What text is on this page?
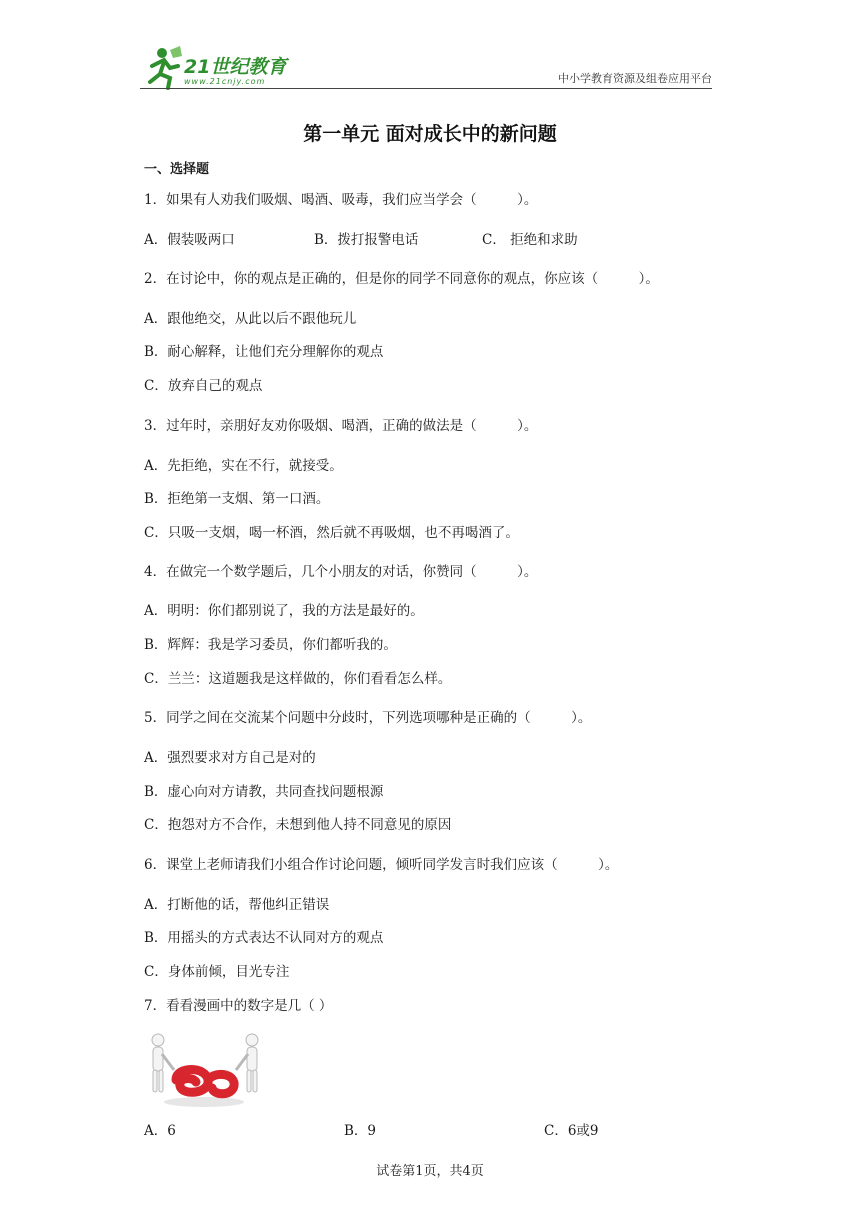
21世纪教育
www.21cnjy.com	中小学教育资源及组卷应用平台
第一单元 面对成长中的新问题
一、选择题
1．如果有人劝我们吸烟、喝酒、吸毒，我们应当学会（　　　）。
A．假装吸两口	B．拨打报警电话	C． 拒绝和求助
2．在讨论中，你的观点是正确的，但是你的同学不同意你的观点，你应该（　　　）。
A．跟他绝交，从此以后不跟他玩儿
B．耐心解释，让他们充分理解你的观点
C．放弃自己的观点
3．过年时，亲朋好友劝你吸烟、喝酒，正确的做法是（　　　）。
A．先拒绝，实在不行，就接受。
B．拒绝第一支烟、第一口酒。
C．只吸一支烟，喝一杯酒，然后就不再吸烟，也不再喝酒了。
4．在做完一个数学题后，几个小朋友的对话，你赞同（　　　）。
A．明明：你们都别说了，我的方法是最好的。
B．辉辉：我是学习委员，你们都听我的。
C．兰兰：这道题我是这样做的，你们看看怎么样。
5．同学之间在交流某个问题中分歧时，下列选项哪种是正确的（　　　）。
A．强烈要求对方自己是对的
B．虚心向对方请教，共同查找问题根源
C．抱怨对方不合作，未想到他人持不同意见的原因
6．课堂上老师请我们小组合作讨论问题，倾听同学发言时我们应该（　　　）。
A．打断他的话，帮他纠正错误
B．用摇头的方式表达不认同对方的观点
C．身体前倾，目光专注
7．看看漫画中的数字是几（ ）
A．6	B．9	C．6或9
试卷第1页，共4页
